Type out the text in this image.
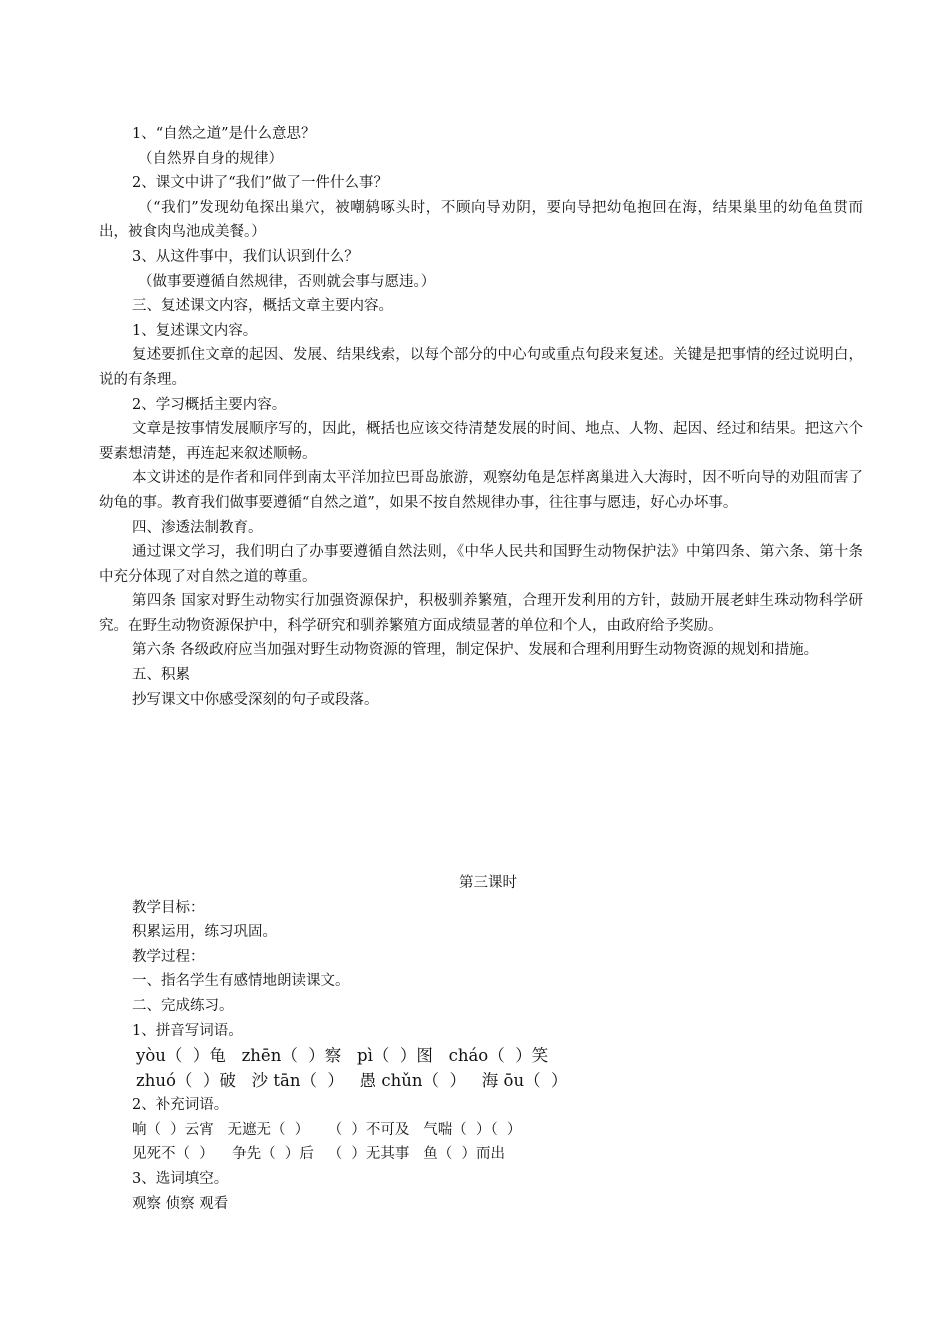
1、“自然之道”是什么意思？

（自然界自身的规律）

2、课文中讲了“我们”做了一件什么事？

（“我们”发现幼龟探出巢穴，被嘲鸫啄头时，不顾向导劝阴，要向导把幼龟抱回在海，结果巢里的幼龟鱼贯而出，被食肉鸟池成美餐。）

3、从这件事中，我们认识到什么？

（做事要遵循自然规律，否则就会事与愿违。）

三、复述课文内容，概括文章主要内容。

1、复述课文内容。

复述要抓住文章的起因、发展、结果线索，以每个部分的中心句或重点句段来复述。关键是把事情的经过说明白，说的有条理。

2、学习概括主要内容。

文章是按事情发展顺序写的，因此，概括也应该交待清楚发展的时间、地点、人物、起因、经过和结果。把这六个要素想清楚，再连起来叙述顺畅。

本文讲述的是作者和同伴到南太平洋加拉巴哥岛旅游，观察幼龟是怎样离巢进入大海时，因不听向导的劝阻而害了幼龟的事。教育我们做事要遵循“自然之道”，如果不按自然规律办事，往往事与愿违，好心办坏事。

四、渗透法制教育。

通过课文学习，我们明白了办事要遵循自然法则，《中华人民共和国野生动物保护法》中第四条、第六条、第十条中充分体现了对自然之道的尊重。

第四条 国家对野生动物实行加强资源保护，积极驯养繁殖，合理开发利用的方针，鼓励开展老蚌生珠动物科学研究。在野生动物资源保护中，科学研究和驯养繁殖方面成绩显著的单位和个人，由政府给予奖励。

第六条 各级政府应当加强对野生动物资源的管理，制定保护、发展和合理利用野生动物资源的规划和措施。

五、积累

抄写课文中你感受深刻的句子或段落。

第三课时

教学目标：

积累运用，练习巩固。

教学过程：

一、指名学生有感情地朗读课文。

二、完成练习。

1、拼音写词语。

yòu（  ）龟   zhēn（  ）察   pì（  ）图   cháo（  ）笑

zhuó（  ）破   沙 tān（  ）   愚 chǔn（  ）   海 ōu（  ）

2、补充词语。

响（  ）云宵   无遮无（  ）    （  ）不可及   气喘（  ）（  ）

见死不（  ）    争先（  ）后   （  ）无其事   鱼（  ）而出

3、选词填空。

观察 侦察 观看
